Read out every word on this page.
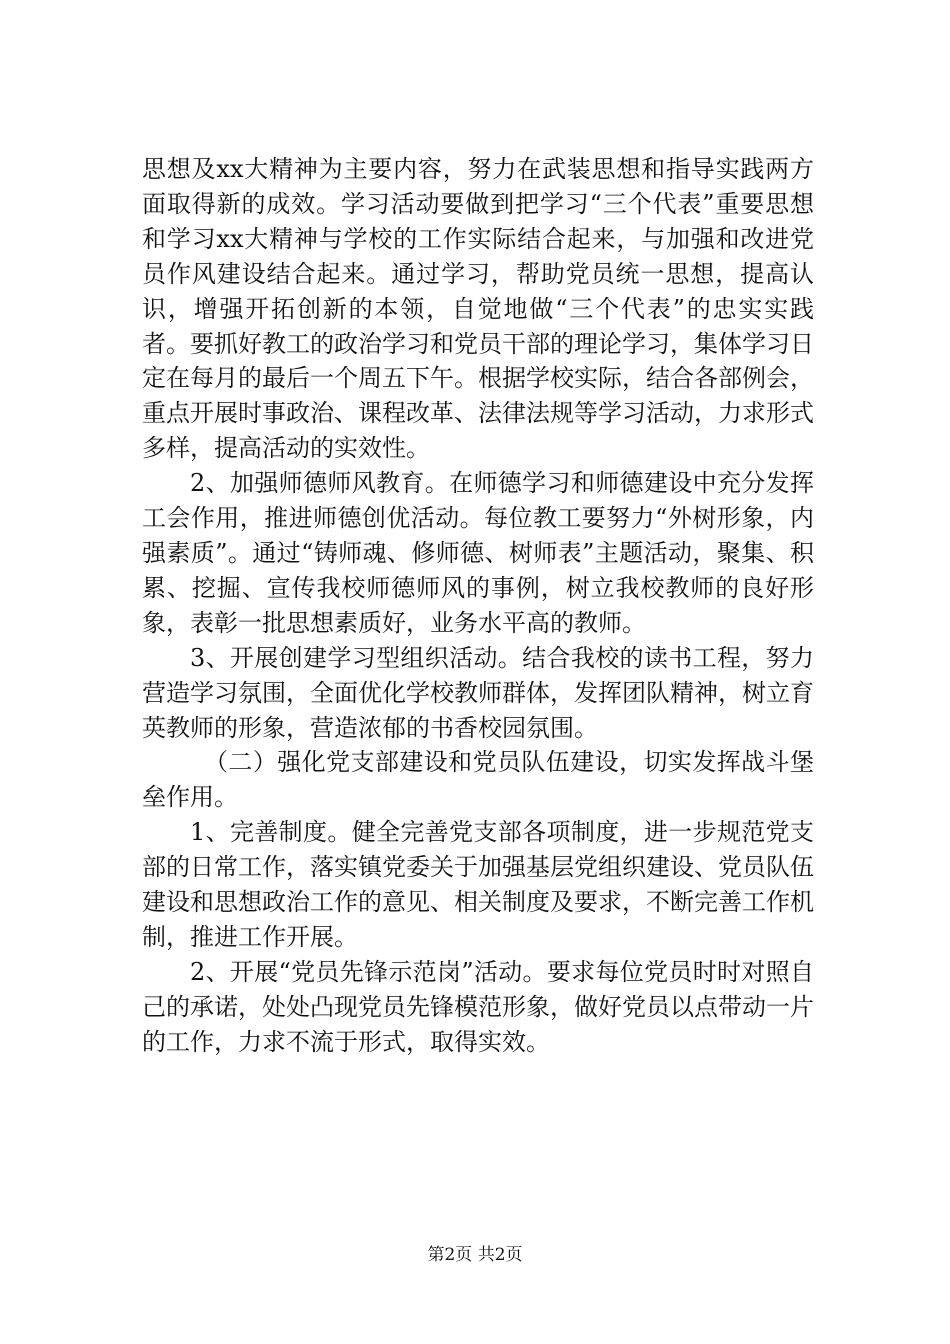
思想及xx大精神为主要内容，努力在武装思想和指导实践两方面取得新的成效。学习活动要做到把学习“三个代表”重要思想和学习xx大精神与学校的工作实际结合起来，与加强和改进党员作风建设结合起来。通过学习，帮助党员统一思想，提高认识，增强开拓创新的本领，自觉地做“三个代表”的忠实实践者。要抓好教工的政治学习和党员干部的理论学习，集体学习日定在每月的最后一个周五下午。根据学校实际，结合各部例会，重点开展时事政治、课程改革、法律法规等学习活动，力求形式多样，提高活动的实效性。

2、加强师德师风教育。在师德学习和师德建设中充分发挥工会作用，推进师德创优活动。每位教工要努力“外树形象，内强素质”。通过“铸师魂、修师德、树师表”主题活动，聚集、积累、挖掘、宣传我校师德师风的事例，树立我校教师的良好形象，表彰一批思想素质好，业务水平高的教师。

3、开展创建学习型组织活动。结合我校的读书工程，努力营造学习氛围，全面优化学校教师群体，发挥团队精神，树立育英教师的形象，营造浓郁的书香校园氛围。

（二）强化党支部建设和党员队伍建设，切实发挥战斗堡垒作用。

1、完善制度。健全完善党支部各项制度，进一步规范党支部的日常工作，落实镇党委关于加强基层党组织建设、党员队伍建设和思想政治工作的意见、相关制度及要求，不断完善工作机制，推进工作开展。

2、开展“党员先锋示范岗”活动。要求每位党员时时对照自己的承诺，处处凸现党员先锋模范形象，做好党员以点带动一片的工作，力求不流于形式，取得实效。

第2页 共2页
